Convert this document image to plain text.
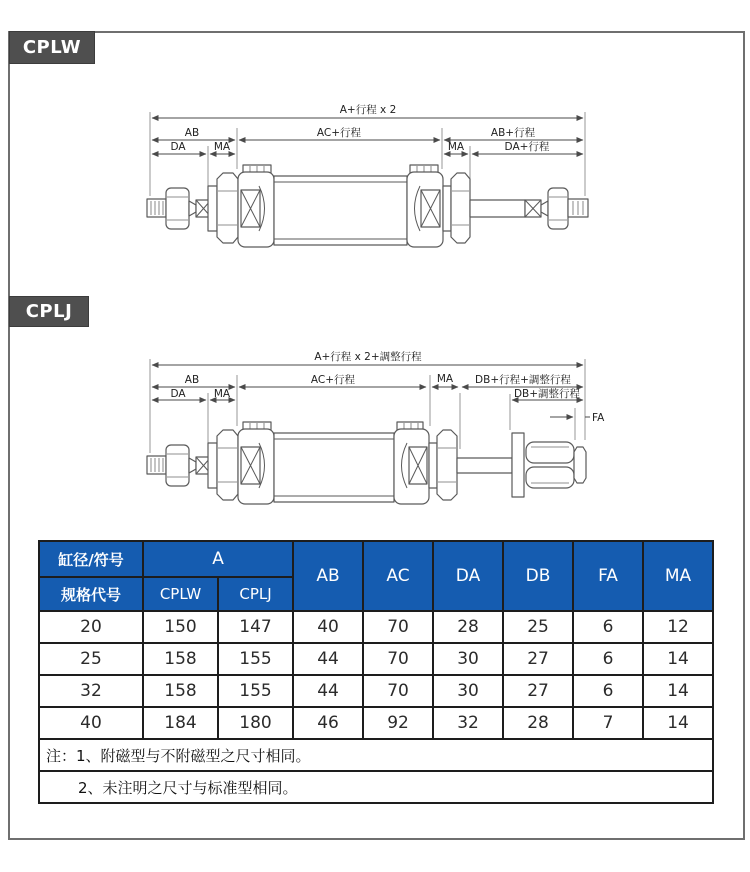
CPLW
CPLJ
A+行程 x 2
AB	AC+行程	AB+行程
DA	MA	MA	DA+行程
A+行程 x 2+調整行程
AB	AC+行程	MA DB+行程+調整行程
DA	MA	DB+調整行程
FA
缸径/符号	A		AB	AC	DA	DB	FA	MA
规格代号	CPLW	CPLJ						
20	150	147	40	70	28	25	6	12
25	158	155	44	70	30	27	6	14
32	158	155	44	70	30	27	6	14
40	184	180	46	92	32	28	7	14
注：1、附磁型与不附磁型之尺寸相同。								
2、未注明之尺寸与标准型相同。								
